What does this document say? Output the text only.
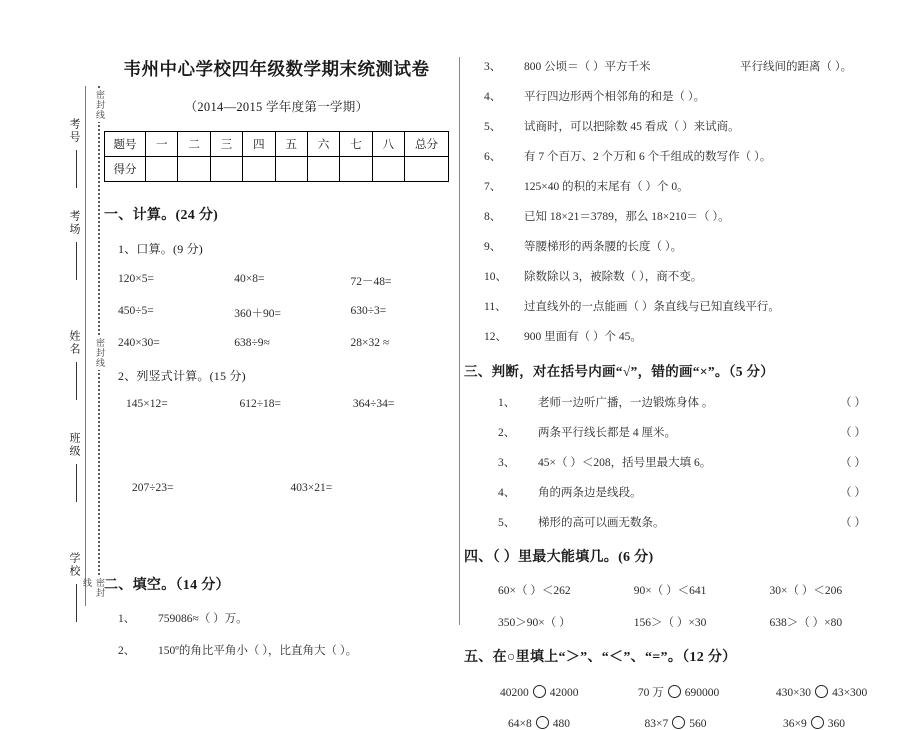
密封线
密封线
密封线
考号
考场
姓名
班级
学校
韦州中心学校四年级数学期末统测试卷
（2014—2015 学年度第一学期）
题号	一	二	三	四	五	六	七	八	总分
得分									
一、计算。(24 分)
1、口算。(9 分)
120×5=	40×8=	72－48=
450÷5=	360＋90=	630÷3=
240×30=	638÷9≈	28×32 ≈
2、列竖式计算。(15 分)
145×12=	612÷18=	364÷34=
207÷23=	403×21=
二、填空。（14 分）
1、	759086≈（ ）万。
2、	150º的角比平角小（ ），比直角大（ ）。
3、	800 公顷＝（ ）平方千米	平行线间的距离（ ）。
4、	平行四边形两个相邻角的和是（ ）。
5、	试商时，可以把除数 45 看成（ ）来试商。
6、	有 7 个百万、2 个万和 6 个千组成的数写作（ ）。
7、	125×40 的积的末尾有（ ）个 0。
8、	已知 18×21＝3789，那么 18×210＝（ ）。
9、	等腰梯形的两条腰的长度（ ）。
10、	除数除以 3，被除数（ ），商不变。
11、	过直线外的一点能画（ ）条直线与已知直线平行。
12、	900 里面有（ ）个 45。
三、判断，对在括号内画“√”，错的画“×”。（5 分）
1、	老师一边听广播，一边锻炼身体 。	（ ）
2、	两条平行线长都是 4 厘米。	（ ）
3、	45×（ ）＜208，括号里最大填 6。	（ ）
4、	角的两条边是线段。	（ ）
5、	梯形的高可以画无数条。	（ ）
四、（ ）里最大能填几。(6 分)
60×（ ）＜262	90×（ ）＜641	30×（ ）＜206
350＞90×（ ）	156＞（ ）×30	638＞（ ）×80
五、在○里填上“＞”、“＜”、“=”。（12 分）
40200 42000	70 万 690000	430×30 43×300
64×8 480	83×7 560	36×9 360
